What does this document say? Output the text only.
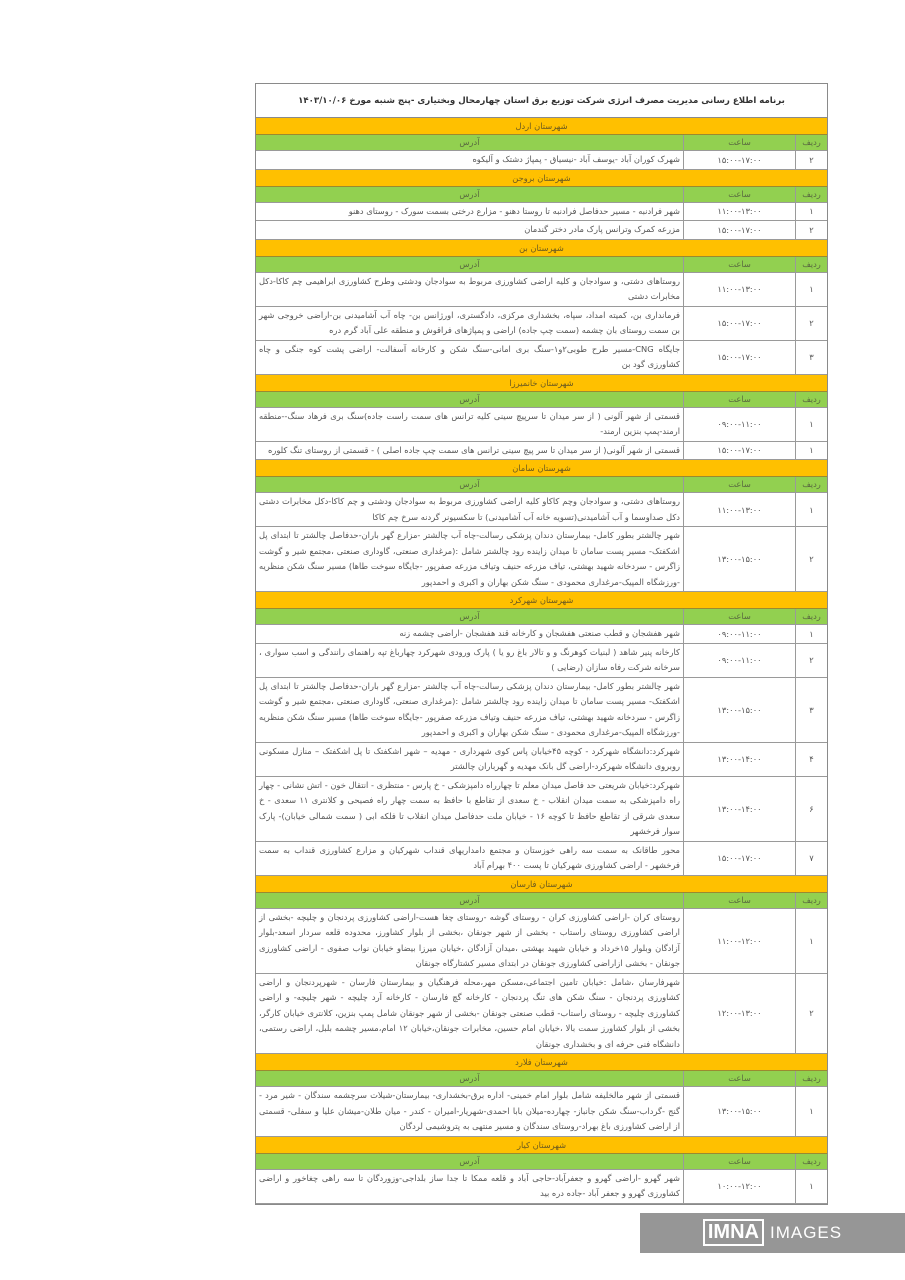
برنامه اطلاع رسانی مدیریت مصرف انرژی شرکت توزیع برق استان چهارمحال وبختیاری -پنج شنبه مورخ ۱۴۰۳/۱۰/۰۶
شهرستان اردل
ردیف
ساعت
آدرس
۲
۱۵:۰۰-۱۷:۰۰
شهرک کوران آباد -یوسف آباد -نیسیاق - پمپاژ دشتک و آلیکوه
شهرستان بروجن
ردیف
ساعت
آدرس
۱
۱۱:۰۰-۱۳:۰۰
شهر فرادنبه - مسیر حدفاصل فرادنبه تا روستا دهنو - مزارع درختی بسمت سورک - روستای دهنو
۲
۱۵:۰۰-۱۷:۰۰
مزرعه کمرک وترانس پارک مادر دختر گندمان
شهرستان بن
ردیف
ساعت
آدرس
۱
۱۱:۰۰-۱۳:۰۰
روستاهای دشتی، و سوادجان و کلیه اراضی کشاورزی مربوط به سوادجان ودشتی وطرح کشاورزی ابراهیمی چم کاکا-دکل مخابرات دشتی
۲
۱۵:۰۰-۱۷:۰۰
فرمانداری بن، کمیته امداد، سپاه، بخشداری مرکزی، دادگستری، اورژانس بن- چاه آب آشامیدنی بن-اراضی خروجی شهر بن سمت روستای بان چشمه (سمت چپ جاده) اراضی و پمپاژهای فراقوش و منطقه علی آباد گرم دره
۳
۱۵:۰۰-۱۷:۰۰
جایگاه CNG-مسیر طرح طوبی۲و۱-سنگ بری امانی-سنگ شکن و کارخانه آسفالت- اراضی پشت کوه جنگی و چاه کشاورزی گود بن
شهرستان خانمیرزا
ردیف
ساعت
آدرس
۱
۰۹:۰۰-۱۱:۰۰
قسمتی از شهر آلونی ( از سر میدان تا سرپیچ سینی کلیه ترانس های سمت راست جاده)سنگ بری فرهاد سنگ--منطقه ارمند-پمپ بنزین ارمند-
۱
۱۵:۰۰-۱۷:۰۰
قسمتی از شهر آلونی( از سر میدان تا سر پیچ سینی ترانس های سمت چپ جاده اصلی ) - قسمتی از روستای تنگ کلوره
شهرستان سامان
ردیف
ساعت
آدرس
۱
۱۱:۰۰-۱۳:۰۰
روستاهای دشتی، و سوادجان وچم کاکاو کلیه اراضی کشاورزی مربوط به سوادجان ودشتی و چم کاکا-دکل مخابرات دشتی دکل صداوسما و آب آشامیدنی(تسویه خانه آب آشامیدنی) تا سکسیونر گردنه سرخ چم کاکا
۲
۱۳:۰۰-۱۵:۰۰
شهر چالشتر بطور کامل- بیمارستان دندان پزشکی رسالت-چاه آب چالشتر -مزارع گهر باران-حدفاصل چالشتر تا ابتدای پل اشکفتک- مسیر پست سامان تا میدان زاینده رود چالشتر شامل :(مرغداری صنعتی، گاوداری صنعتی ،مجتمع شیر و گوشت زاگرس - سردخانه شهید بهشتی، تیاف مزرعه حنیف وتیاف مزرعه صفرپور -جایگاه سوخت طاها) مسیر سنگ شکن منظریه -ورزشگاه المپیک-مرغداری محمودی - سنگ شکن بهاران و اکبری و احمدپور
شهرستان شهرکرد
ردیف
ساعت
آدرس
۱
۰۹:۰۰-۱۱:۰۰
شهر هفشجان و قطب صنعتی هفشجان و کارخانه قند هفشجان -اراضی چشمه زنه
۲
۰۹:۰۰-۱۱:۰۰
کارخانه پنیر شاهد ( لبنیات کوهرنگ و و تالار باغ رو یا ) پارک ورودی شهرکرد چهارباغ تپه راهنمای رانندگی و اسب سواری ، سرخانه شرکت رفاه سازان (رضایی )
۳
۱۳:۰۰-۱۵:۰۰
شهر چالشتر بطور کامل- بیمارستان دندان پزشکی رسالت-چاه آب چالشتر -مزارع گهر باران-حدفاصل چالشتر تا ابتدای پل اشکفتک- مسیر پست سامان تا میدان زاینده رود چالشتر شامل :(مرغداری صنعتی، گاوداری صنعتی ،مجتمع شیر و گوشت زاگرس - سردخانه شهید بهشتی، تیاف مزرعه حنیف وتیاف مزرعه صفرپور -جایگاه سوخت طاها) مسیر سنگ شکن منظریه -ورزشگاه المپیک-مرغداری محمودی - سنگ شکن بهاران و اکبری و احمدپور
۴
۱۳:۰۰-۱۴:۰۰
شهرکرد:دانشگاه شهرکرد - کوچه ۴۵خیابان پاس کوی شهرداری - مهدیه – شهر اشکفتک تا پل اشکفتک – منازل مسکونی روبروی دانشگاه شهرکرد-اراضی گل بانک مهدیه و گهرباران چالشتر
۶
۱۳:۰۰-۱۴:۰۰
شهرکرد:خیابان شریعتی حد فاصل میدان معلم تا چهارراه دامپزشکی - خ پارس - منتظری - انتقال خون - اتش نشانی - چهار راه دامپزشکی به سمت میدان انقلاب - خ سعدی از تقاطع با حافظ به سمت چهار راه فصیحی و کلانتری ۱۱ سعدی - خ سعدی شرقی از تقاطع حافظ تا کوچه ۱۶ - خیابان ملت حدفاصل میدان انقلاب تا فلکه ابی ( سمت شمالی خیابان)- پارک سوار فرخشهر
۷
۱۵:۰۰-۱۷:۰۰
محور طاقانک به سمت سه راهی خوزستان و مجتمع دامداریهای قنداب شهرکیان و مزارع کشاورزی قنداب به سمت فرخشهر - اراضی کشاورزی شهرکیان تا پست ۴۰۰ بهرام آباد
شهرستان فارسان
ردیف
ساعت
آدرس
۱
۱۱:۰۰-۱۲:۰۰
روستای کران -اراضی کشاورزی کران - روستای گوشه -روستای چغا هست-اراضی کشاورزی پردنجان و چلیچه -بخشی از اراضی کشاورزی روستای راستاب - بخشی از شهر جونقان ،بخشی از بلوار کشاورز، محدوده قلعه سردار اسعد-بلوار آزادگان وبلوار ۱۵خرداد و خیابان شهید بهشتی ،میدان آزادگان ،خیابان میرزا بیضاو خیابان نواب صفوی - اراضی کشاورزی جونقان - بخشی ازاراضی کشاورزی جونقان در ابتدای مسیر کشتارگاه جونقان
۲
۱۲:۰۰-۱۳:۰۰
شهرفارسان ،شامل :خیابان تامین اجتماعی،مسکن مهر،محله فرهنگیان و بیمارستان فارسان - شهرپردنجان و اراضی کشاورزی پردنجان - سنگ شکن های تنگ پردنجان - کارخانه گچ فارسان - کارخانه آرد چلیچه - شهر چلیچه- و اراضی کشاورزی چلیچه - روستای راستاب- قطب صنعتی جونقان -بخشی از شهر جونقان شامل پمپ بنزین، کلانتری خیابان کارگر، بخشی از بلوار کشاورز سمت بالا ،خیابان امام حسین، مخابرات جونقان،خیابان ۱۲ امام،مسیر چشمه بلبل، اراضی رستمی، دانشگاه فنی حرفه ای و بخشداری جونقان
شهرستان فلارد
ردیف
ساعت
آدرس
۱
۱۳:۰۰-۱۵:۰۰
قسمتی از شهر مالخلیفه شامل بلوار امام خمینی- اداره برق-بخشداری- بیمارستان-شیلات سرچشمه سندگان - شیر مرد - گنج -گرداب-سنگ شکن جانباز- چهارده-میلان بابا احمدی-شهریار-امیران - کندر - میان طلان-میشان علیا و سفلی- قسمتی از اراضی کشاورزی باغ بهراد-روستای سندگان و مسیر منتهی به پتروشیمی لردگان
شهرستان کیار
ردیف
ساعت
آدرس
۱
۱۰:۰۰-۱۲:۰۰
شهر گهرو -اراضی گهرو و جعفرآباد-حاجی آباد و قلعه ممکا تا جدا ساز بلداجی-وزوردگان تا سه راهی چغاخور و اراضی کشاورزی گهرو و جعفر آباد -جاده دره بید
IMNA IMAGES
